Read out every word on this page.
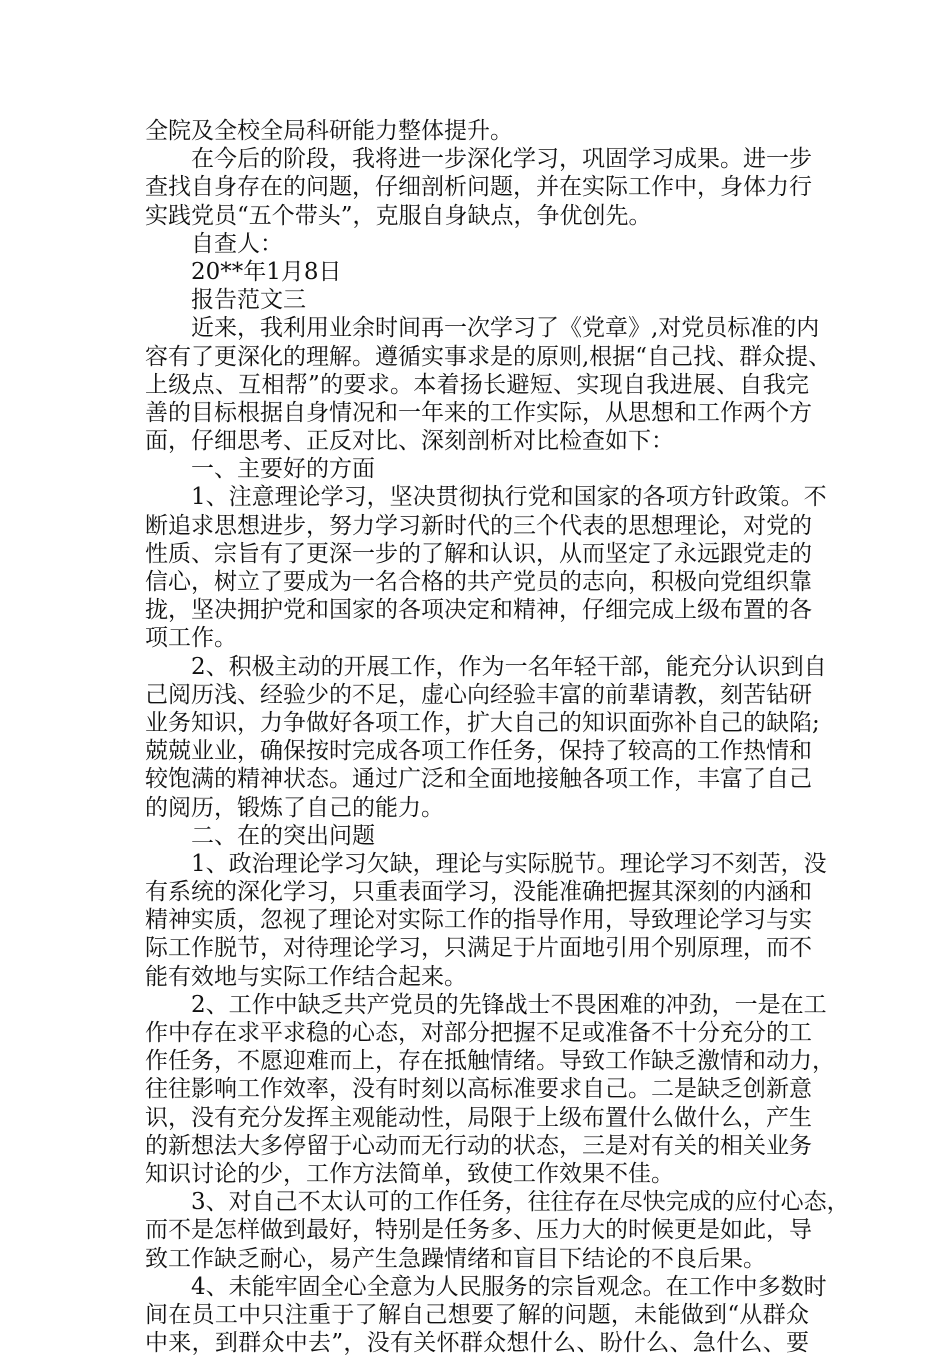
全院及全校全局科研能力整体提升。
在今后的阶段，我将进一步深化学习，巩固学习成果。进一步
查找自身存在的问题，仔细剖析问题，并在实际工作中，身体力行
实践党员“五个带头”，克服自身缺点，争优创先。
自查人：
20**年1月8日
报告范文三
近来，我利用业余时间再一次学习了《党章》,对党员标准的内
容有了更深化的理解。遵循实事求是的原则,根据“自己找、群众提、
上级点、互相帮”的要求。本着扬长避短、实现自我进展、自我完
善的目标根据自身情况和一年来的工作实际，从思想和工作两个方
面，仔细思考、正反对比、深刻剖析对比检查如下：
一、主要好的方面
1、注意理论学习，坚决贯彻执行党和国家的各项方针政策。不
断追求思想进步，努力学习新时代的三个代表的思想理论，对党的
性质、宗旨有了更深一步的了解和认识，从而坚定了永远跟党走的
信心，树立了要成为一名合格的共产党员的志向，积极向党组织靠
拢，坚决拥护党和国家的各项决定和精神，仔细完成上级布置的各
项工作。
2、积极主动的开展工作，作为一名年轻干部，能充分认识到自
己阅历浅、经验少的不足，虚心向经验丰富的前辈请教，刻苦钻研
业务知识，力争做好各项工作，扩大自己的知识面弥补自己的缺陷;
兢兢业业，确保按时完成各项工作任务，保持了较高的工作热情和
较饱满的精神状态。通过广泛和全面地接触各项工作，丰富了自己
的阅历，锻炼了自己的能力。
二、在的突出问题
1、政治理论学习欠缺，理论与实际脱节。理论学习不刻苦，没
有系统的深化学习，只重表面学习，没能准确把握其深刻的内涵和
精神实质，忽视了理论对实际工作的指导作用，导致理论学习与实
际工作脱节，对待理论学习，只满足于片面地引用个别原理，而不
能有效地与实际工作结合起来。
2、工作中缺乏共产党员的先锋战士不畏困难的冲劲，一是在工
作中存在求平求稳的心态，对部分把握不足或准备不十分充分的工
作任务，不愿迎难而上，存在抵触情绪。导致工作缺乏激情和动力，
往往影响工作效率，没有时刻以高标准要求自己。二是缺乏创新意
识，没有充分发挥主观能动性，局限于上级布置什么做什么，产生
的新想法大多停留于心动而无行动的状态，三是对有关的相关业务
知识讨论的少，工作方法简单，致使工作效果不佳。
3、对自己不太认可的工作任务，往往存在尽快完成的应付心态，
而不是怎样做到最好，特别是任务多、压力大的时候更是如此，导
致工作缺乏耐心，易产生急躁情绪和盲目下结论的不良后果。
4、未能牢固全心全意为人民服务的宗旨观念。在工作中多数时
间在员工中只注重于了解自己想要了解的问题，未能做到“从群众
中来，到群众中去”，没有关怀群众想什么、盼什么、急什么、要
